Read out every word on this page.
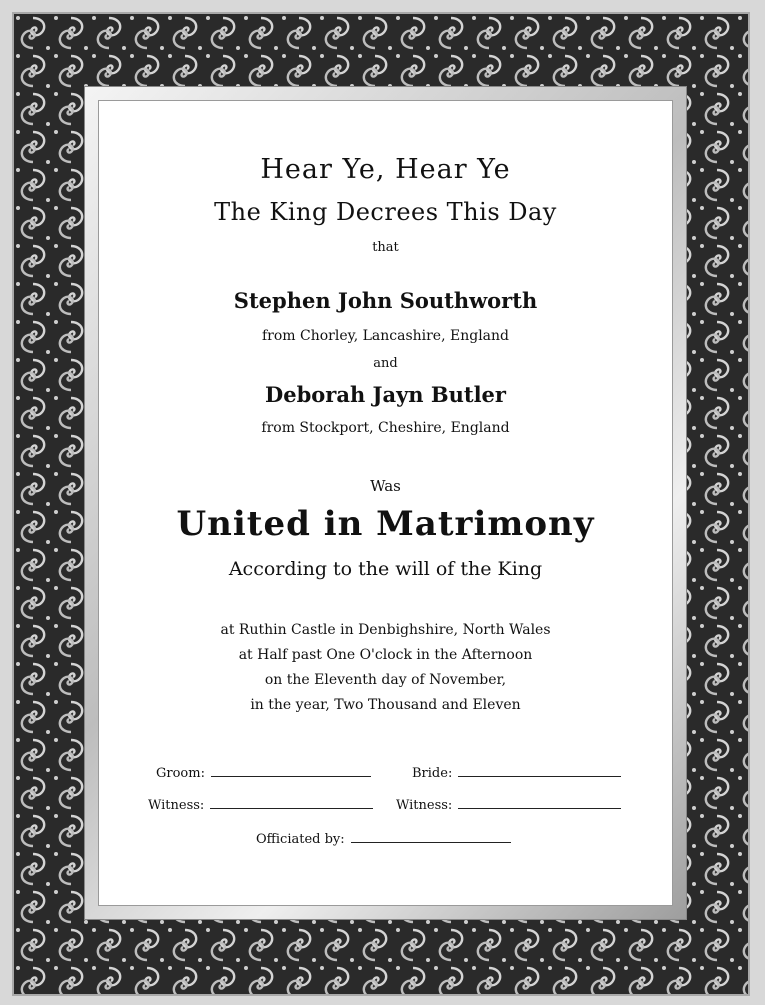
Hear Ye, Hear Ye
The King Decrees This Day
that
Stephen John Southworth
from Chorley, Lancashire, England
and
Deborah Jayn Butler
from Stockport, Cheshire, England
Was
United in Matrimony
According to the will of the King
at Ruthin Castle in Denbighshire, North Wales
at Half past One O'clock in the Afternoon
on the Eleventh day of November,
in the year, Two Thousand and Eleven
Groom:	Bride:
Witness:	Witness:
Officiated by:
